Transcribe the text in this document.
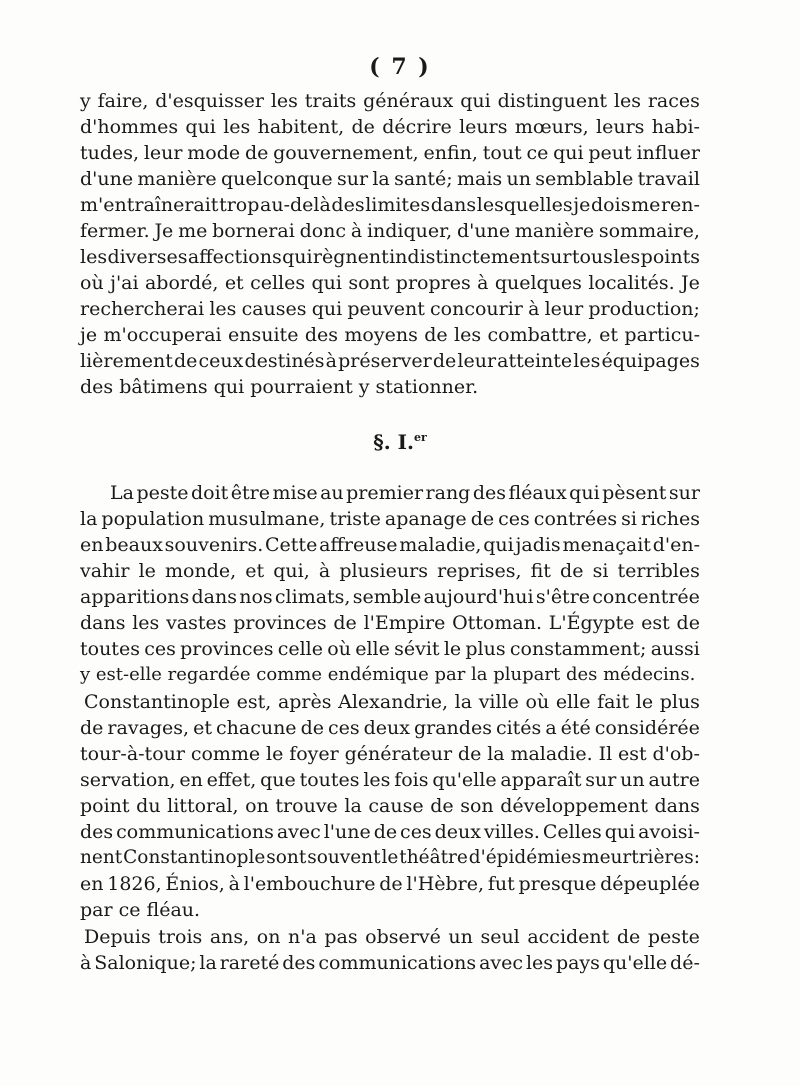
( 7 )
y faire, d'esquisser les traits généraux qui distinguent les races
d'hommes qui les habitent, de décrire leurs mœurs, leurs habi-
tudes, leur mode de gouvernement, enfin, tout ce qui peut influer
d'une manière quelconque sur la santé; mais un semblable travail
m'entraînerait trop au-delà des limites dans lesquelles je dois me ren-
fermer. Je me bornerai donc à indiquer, d'une manière sommaire,
les diverses affections qui règnent indistinctement sur tous les points
où j'ai abordé, et celles qui sont propres à quelques localités. Je
rechercherai les causes qui peuvent concourir à leur production;
je m'occuperai ensuite des moyens de les combattre, et particu-
lièrement de ceux destinés à préserver de leur atteinte les équipages
des bâtimens qui pourraient y stationner.
§. I.$^{er}$
La peste doit être mise au premier rang des fléaux qui pèsent sur
la population musulmane, triste apanage de ces contrées si riches
en beaux souvenirs. Cette affreuse maladie, qui jadis menaçait d'en-
vahir le monde, et qui, à plusieurs reprises, fit de si terribles
apparitions dans nos climats, semble aujourd'hui s'être concentrée
dans les vastes provinces de l'Empire Ottoman. L'Égypte est de
toutes ces provinces celle où elle sévit le plus constamment; aussi
y est-elle regardée comme endémique par la plupart des médecins.
Constantinople est, après Alexandrie, la ville où elle fait le plus
de ravages, et chacune de ces deux grandes cités a été considérée
tour-à-tour comme le foyer générateur de la maladie. Il est d'ob-
servation, en effet, que toutes les fois qu'elle apparaît sur un autre
point du littoral, on trouve la cause de son développement dans
des communications avec l'une de ces deux villes. Celles qui avoisi-
nent Constantinople sont souvent le théâtre d'épidémies meurtrières:
en 1826, Énios, à l'embouchure de l'Hèbre, fut presque dépeuplée
par ce fléau.
Depuis trois ans, on n'a pas observé un seul accident de peste
à Salonique; la rareté des communications avec les pays qu'elle dé-
